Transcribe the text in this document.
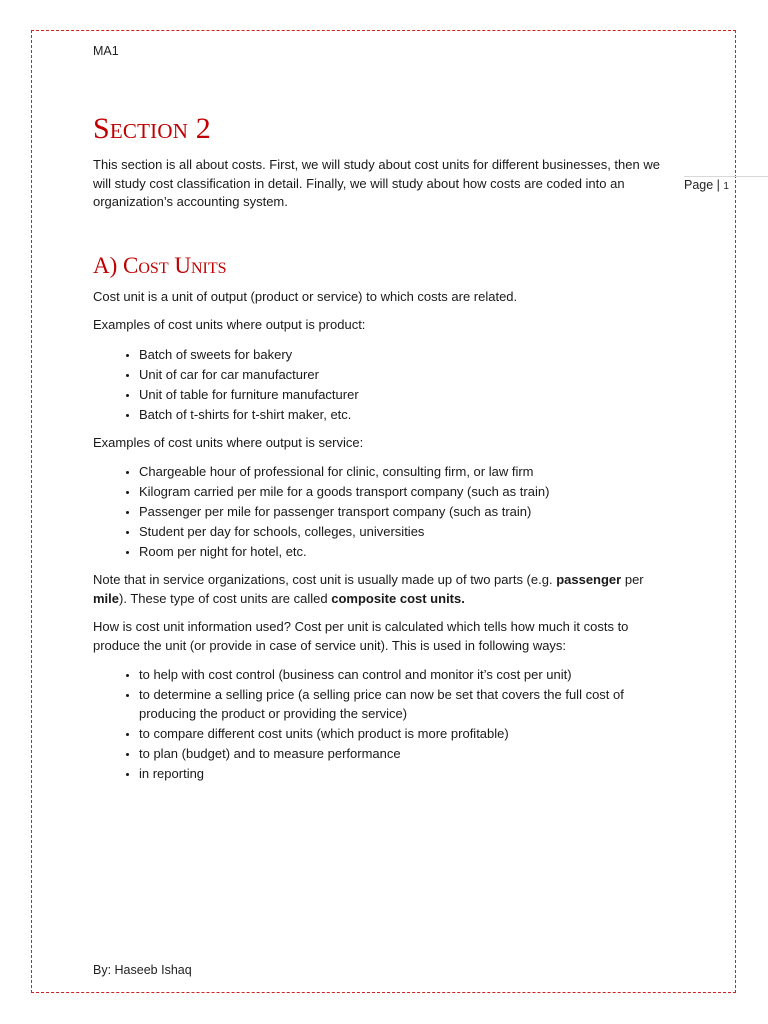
MA1
Page | 1
Section 2

This section is all about costs. First, we will study about cost units for different businesses, then we will study cost classification in detail. Finally, we will study about how costs are coded into an organization’s accounting system.

A) Cost Units

Cost unit is a unit of output (product or service) to which costs are related.

Examples of cost units where output is product:

• Batch of sweets for bakery
• Unit of car for car manufacturer
• Unit of table for furniture manufacturer
• Batch of t-shirts for t-shirt maker, etc.

Examples of cost units where output is service:

• Chargeable hour of professional for clinic, consulting firm, or law firm
• Kilogram carried per mile for a goods transport company (such as train)
• Passenger per mile for passenger transport company (such as train)
• Student per day for schools, colleges, universities
• Room per night for hotel, etc.

Note that in service organizations, cost unit is usually made up of two parts (e.g. passenger per mile). These type of cost units are called composite cost units.

How is cost unit information used? Cost per unit is calculated which tells how much it costs to produce the unit (or provide in case of service unit). This is used in following ways:

• to help with cost control (business can control and monitor it’s cost per unit)
• to determine a selling price (a selling price can now be set that covers the full cost of producing the product or providing the service)
• to compare different cost units (which product is more profitable)
• to plan (budget) and to measure performance
• in reporting
By: Haseeb Ishaq
